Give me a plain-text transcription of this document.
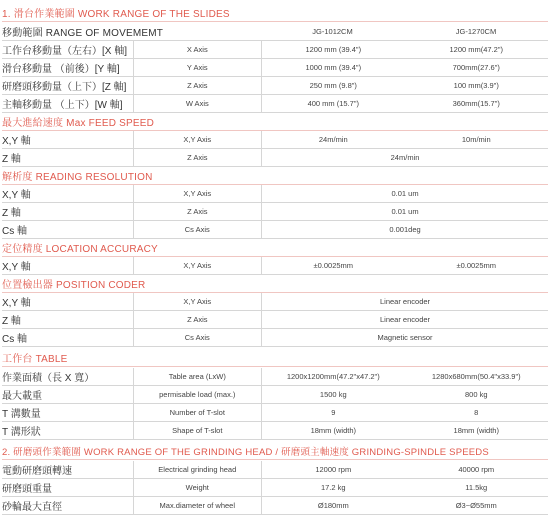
1. 滑台作業範圍 WORK RANGE OF THE SLIDES
移動範圍 RANGE OF MOVEMEMT	JG-1012CM	JG-1270CM
工作台移動量（左右）[X 軸]	X Axis	1200 mm (39.4")	1200 mm(47.2")
滑台移動量 （前後）[Y 軸]	Y Axis	1000 mm (39.4")	700mm(27.6")
研磨頭移動量（上下）[Z 軸]	Z Axis	250 mm (9.8")	100 mm(3.9")
主軸移動量 （上下）[W 軸]	W Axis	400 mm (15.7")	360mm(15.7")
最大進給速度 Max FEED SPEED
X,Y 軸	X,Y Axis	24m/min	10m/min
Z 軸	Z Axis	24m/min
解析度 READING RESOLUTION
X,Y 軸	X,Y Axis	0.01 um
Z 軸	Z Axis	0.01 um
Cs 軸	Cs Axis	0.001deg
定位精度 LOCATION ACCURACY
X,Y 軸	X,Y Axis	±0.0025mm	±0.0025mm
位置檢出器 POSITION CODER
X,Y 軸	X,Y Axis	Linear encoder
Z 軸	Z Axis	Linear encoder
Cs 軸	Cs Axis	Magnetic sensor
工作台 TABLE
作業面積（長 X 寬）	Table area (LxW)	1200x1200mm(47.2"x47.2")	1280x680mm(50.4"x33.9")
最大載重	permisable load (max.)	1500 kg	800 kg
T 溝數量	Number of T-slot	9	8
T 溝形狀	Shape of T-slot	18mm (width)	18mm (width)
2. 研磨頭作業範圍 WORK RANGE OF THE GRINDING HEAD / 研磨頭主軸速度 GRINDING-SPINDLE SPEEDS
電動研磨頭轉速	Electrical grinding head	12000 rpm	40000 rpm
研磨頭重量	Weight	17.2 kg	11.5kg
砂輪最大直徑	Max.diameter of wheel	Ø180mm	Ø3~Ø55mm
